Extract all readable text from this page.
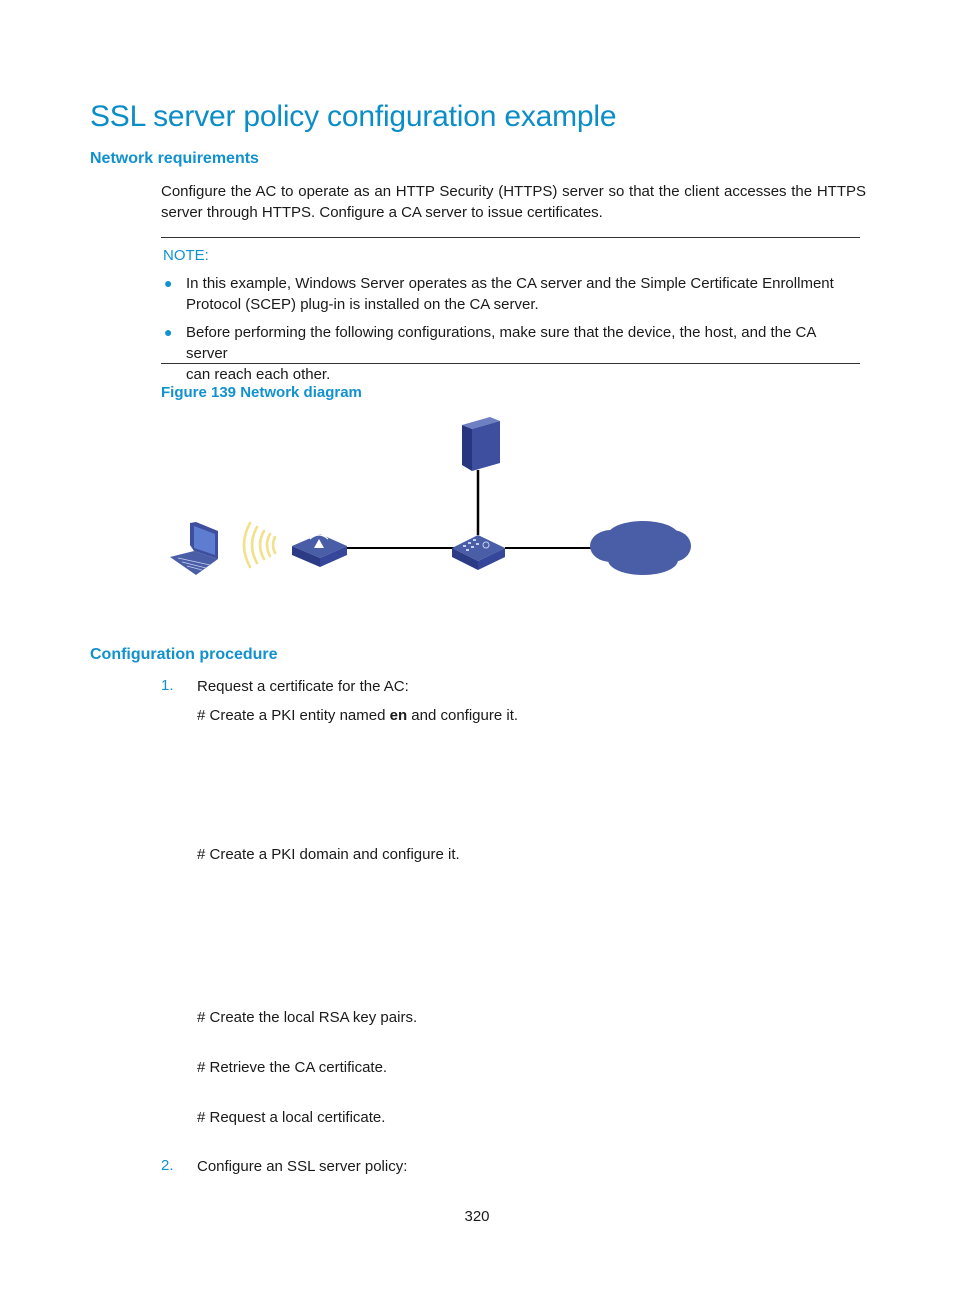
SSL server policy configuration example
Network requirements
Configure the AC to operate as an HTTP Security (HTTPS) server so that the client accesses the HTTPS
server through HTTPS. Configure a CA server to issue certificates.
NOTE:
● In this example, Windows Server operates as the CA server and the Simple Certificate Enrollment
Protocol (SCEP) plug-in is installed on the CA server.
● Before performing the following configurations, make sure that the device, the host, and the CA server
can reach each other.
Figure 139 Network diagram
Configuration procedure
1. Request a certificate for the AC:
# Create a PKI entity named en and configure it.
# Create a PKI domain and configure it.
# Create the local RSA key pairs.
# Retrieve the CA certificate.
# Request a local certificate.
2. Configure an SSL server policy:
320
